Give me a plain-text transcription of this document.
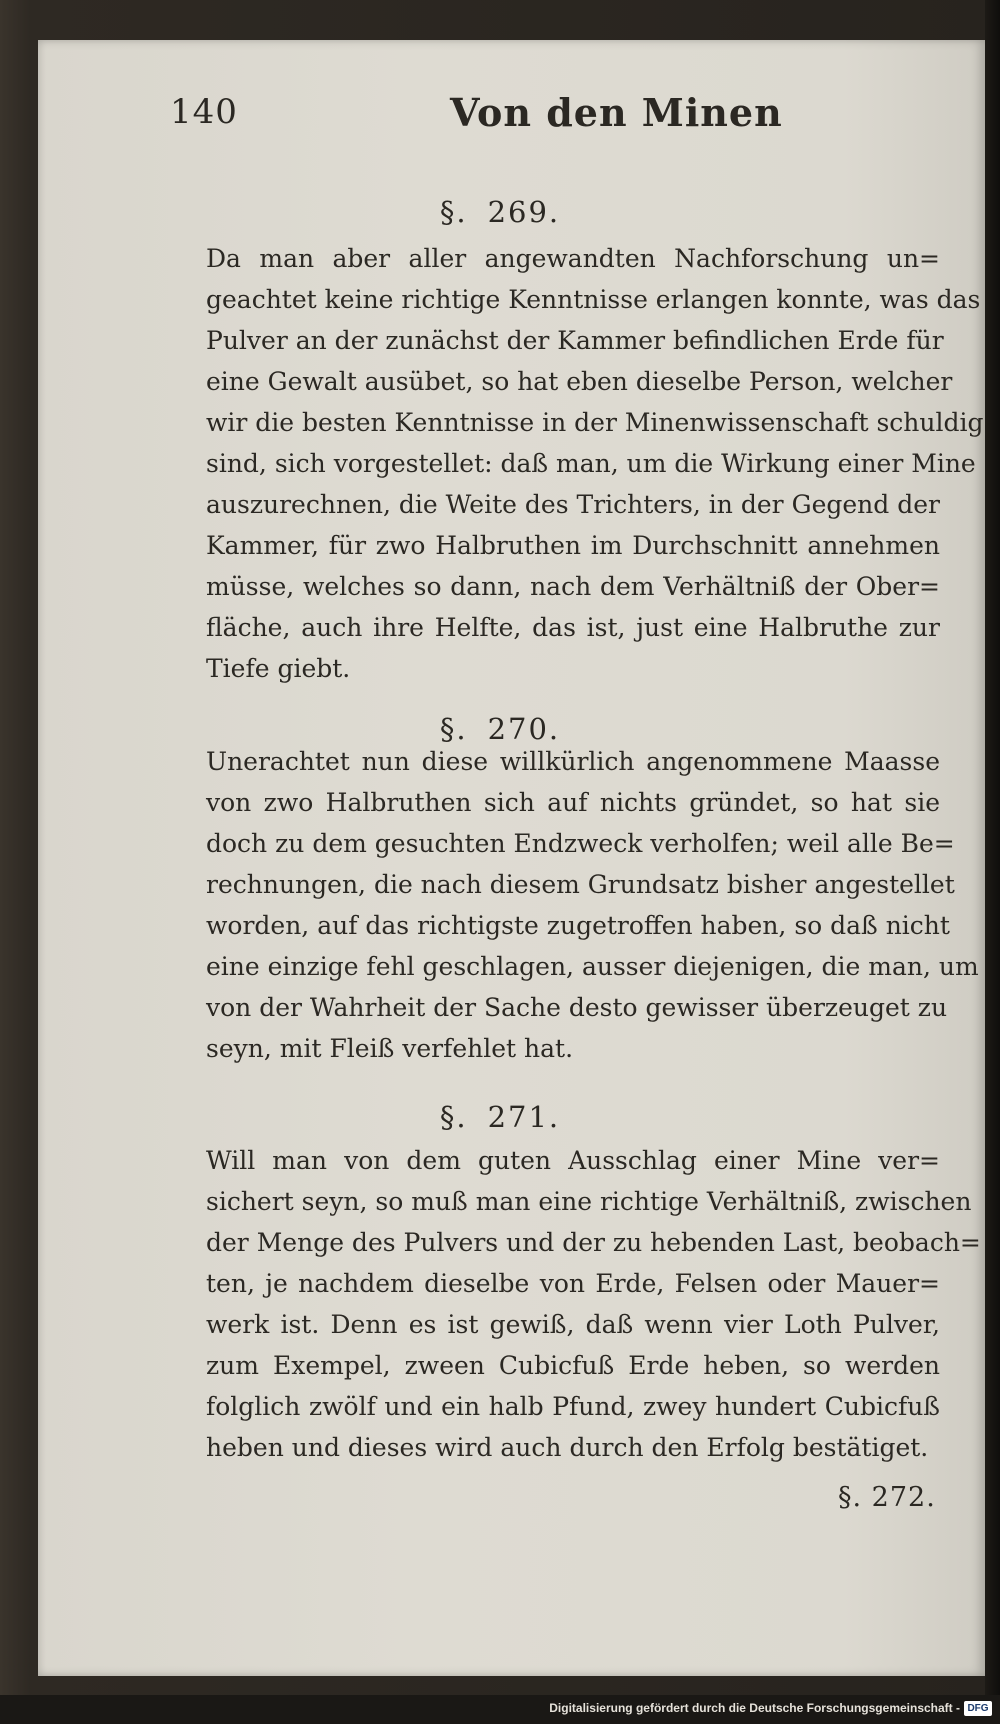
140	Von den Minen
§. 269.
Da man aber aller angewandten Nachforschung un=
geachtet keine richtige Kenntnisse erlangen konnte, was das
Pulver an der zunächst der Kammer befindlichen Erde für
eine Gewalt ausübet, so hat eben dieselbe Person, welcher
wir die besten Kenntnisse in der Minenwissenschaft schuldig
sind, sich vorgestellet: daß man, um die Wirkung einer Mine
auszurechnen, die Weite des Trichters, in der Gegend der
Kammer, für zwo Halbruthen im Durchschnitt annehmen
müsse, welches so dann, nach dem Verhältniß der Ober=
fläche, auch ihre Helfte, das ist, just eine Halbruthe zur
Tiefe giebt.
§. 270.
Unerachtet nun diese willkürlich angenommene Maasse
von zwo Halbruthen sich auf nichts gründet, so hat sie
doch zu dem gesuchten Endzweck verholfen; weil alle Be=
rechnungen, die nach diesem Grundsatz bisher angestellet
worden, auf das richtigste zugetroffen haben, so daß nicht
eine einzige fehl geschlagen, ausser diejenigen, die man, um
von der Wahrheit der Sache desto gewisser überzeuget zu
seyn, mit Fleiß verfehlet hat.
§. 271.
Will man von dem guten Ausschlag einer Mine ver=
sichert seyn, so muß man eine richtige Verhältniß, zwischen
der Menge des Pulvers und der zu hebenden Last, beobach=
ten, je nachdem dieselbe von Erde, Felsen oder Mauer=
werk ist. Denn es ist gewiß, daß wenn vier Loth Pulver,
zum Exempel, zween Cubicfuß Erde heben, so werden
folglich zwölf und ein halb Pfund, zwey hundert Cubicfuß
heben und dieses wird auch durch den Erfolg bestätiget.
§. 272.
Digitalisierung gefördert durch die Deutsche Forschungsgemeinschaft - DFG
